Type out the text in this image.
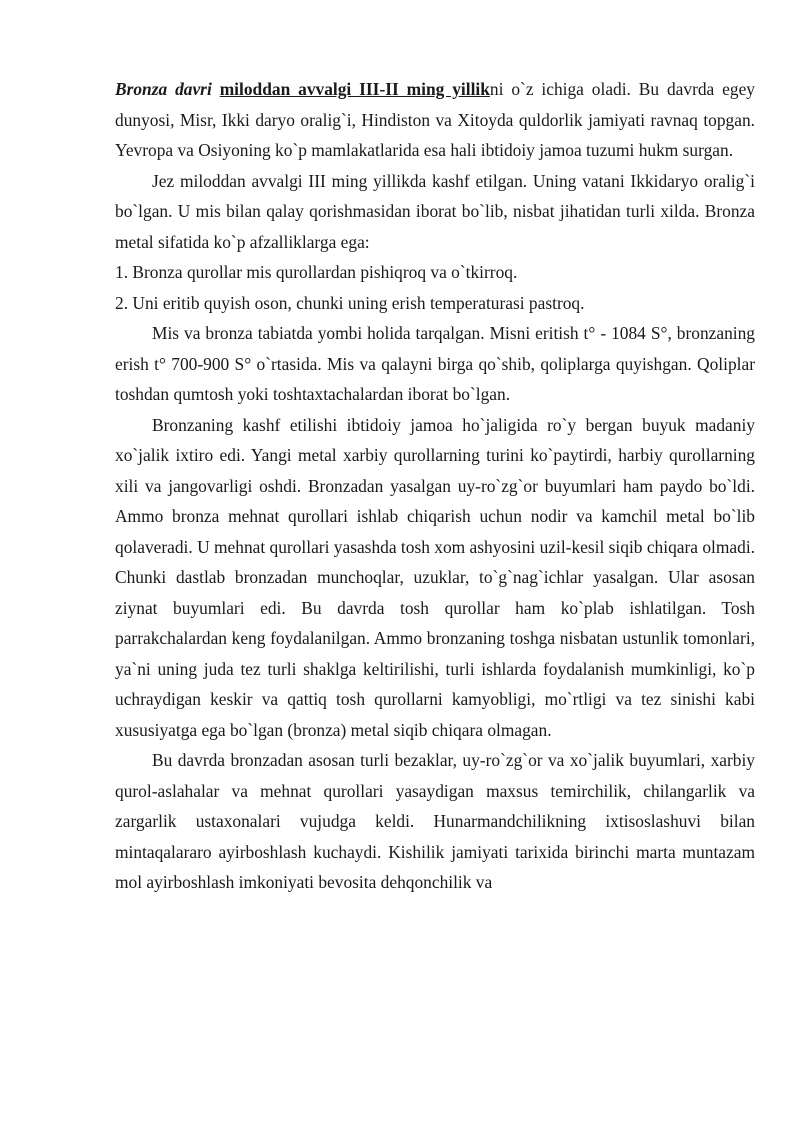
Bronza davri miloddan avvalgi III-II ming yillikni o`z ichiga oladi. Bu davrda egey dunyosi, Misr, Ikki daryo oralig`i, Hindiston va Xitoyda quldorlik jamiyati ravnaq topgan. Yevropa va Osiyoning ko`p mamlakatlarida esa hali ibtidoiy jamoa tuzumi hukm surgan.

Jez miloddan avvalgi III ming yillikda kashf etilgan. Uning vatani Ikkidaryo oralig`i bo`lgan. U mis bilan qalay qorishmasidan iborat bo`lib, nisbat jihatidan turli xilda. Bronza metal sifatida ko`p afzalliklarga ega:

1. Bronza qurollar mis qurollardan pishiqroq va o`tkirroq.

2. Uni eritib quyish oson, chunki uning erish temperaturasi pastroq.

Mis va bronza tabiatda yombi holida tarqalgan. Misni eritish t° - 1084 S°, bronzaning erish t° 700-900 S° o`rtasida. Mis va qalayni birga qo`shib, qoliplarga quyishgan. Qoliplar toshdan qumtosh yoki toshtaxtachalardan iborat bo`lgan.

Bronzaning kashf etilishi ibtidoiy jamoa ho`jaligida ro`y bergan buyuk madaniy xo`jalik ixtiro edi. Yangi metal xarbiy qurollarning turini ko`paytirdi, harbiy qurollarning xili va jangovarligi oshdi. Bronzadan yasalgan uy-ro`zg`or buyumlari ham paydo bo`ldi. Ammo bronza mehnat qurollari ishlab chiqarish uchun nodir va kamchil metal bo`lib qolaveradi. U mehnat qurollari yasashda tosh xom ashyosini uzil-kesil siqib chiqara olmadi. Chunki dastlab bronzadan munchoqlar, uzuklar, to`g`nag`ichlar yasalgan. Ular asosan ziynat buyumlari edi. Bu davrda tosh qurollar ham ko`plab ishlatilgan. Tosh parrakchalardan keng foydalanilgan. Ammo bronzaning toshga nisbatan ustunlik tomonlari, ya`ni uning juda tez turli shaklga keltirilishi, turli ishlarda foydalanish mumkinligi, ko`p uchraydigan keskir va qattiq tosh qurollarni kamyobligi, mo`rtligi va tez sinishi kabi xususiyatga ega bo`lgan (bronza) metal siqib chiqara olmagan.

Bu davrda bronzadan asosan turli bezaklar, uy-ro`zg`or va xo`jalik buyumlari, xarbiy qurol-aslahalar va mehnat qurollari yasaydigan maxsus temirchilik, chilangarlik va zargarlik ustaxonalari vujudga keldi. Hunarmandchilikning ixtisoslashuvi bilan mintaqalararo ayirboshlash kuchaydi. Kishilik jamiyati tarixida birinchi marta muntazam mol ayirboshlash imkoniyati bevosita dehqonchilik va
